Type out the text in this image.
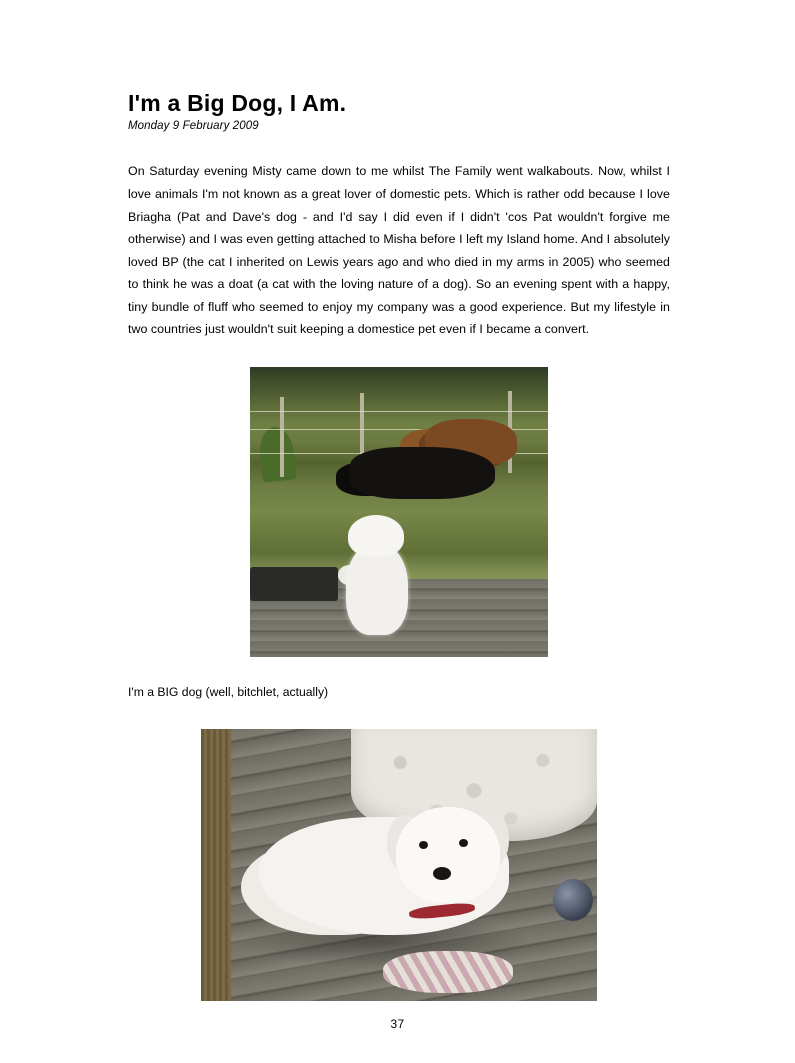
I'm a Big Dog, I Am.
Monday 9 February 2009

On Saturday evening Misty came down to me whilst The Family went walkabouts. Now, whilst I love animals I'm not known as a great lover of domestic pets. Which is rather odd because I love Briagha (Pat and Dave's dog - and I'd say I did even if I didn't 'cos Pat wouldn't forgive me otherwise) and I was even getting attached to Misha before I left my Island home. And I absolutely loved BP (the cat I inherited on Lewis years ago and who died in my arms in 2005) who seemed to think he was a doat (a cat with the loving nature of a dog). So an evening spent with a happy, tiny bundle of fluff who seemed to enjoy my company was a good experience. But my lifestyle in two countries just wouldn't suit keeping a domestice pet even if I became a convert.

I'm a BIG dog (well, bitchlet, actually)

37
